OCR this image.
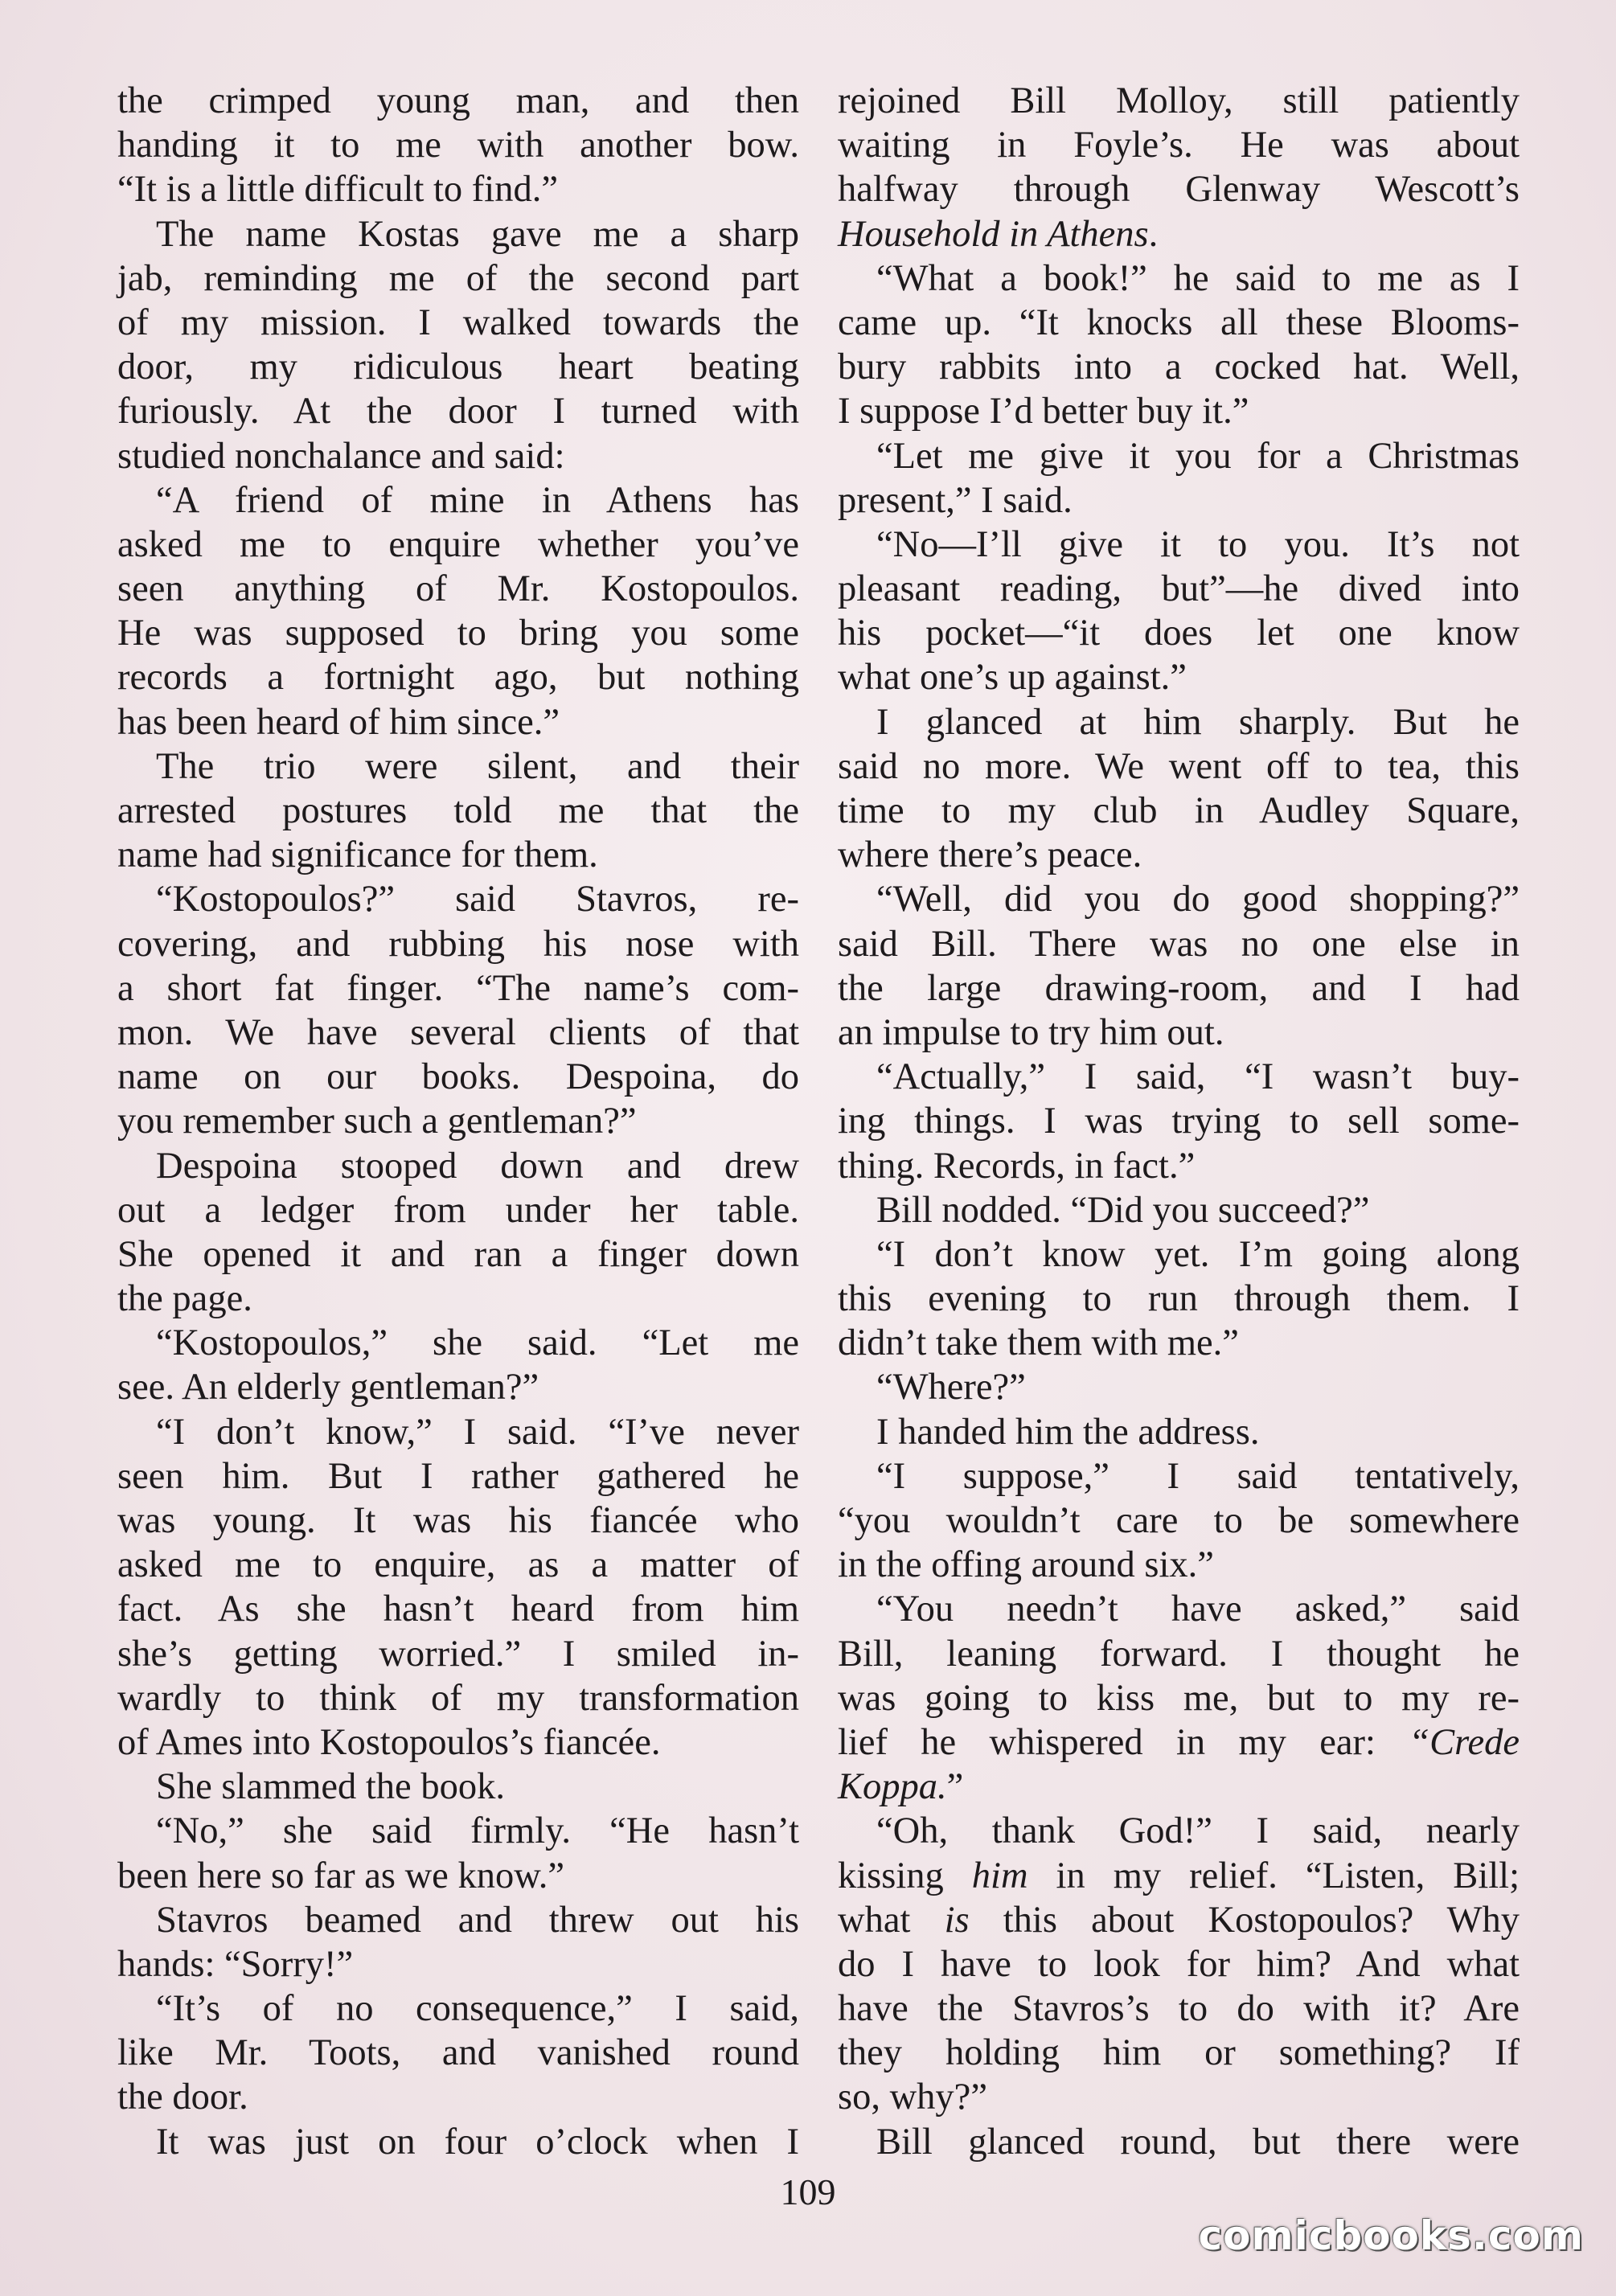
the crimped young man, and then
handing it to me with another bow.
“It is a little difficult to find.”
The name Kostas gave me a sharp
jab, reminding me of the second part
of my mission. I walked towards the
door, my ridiculous heart beating
furiously. At the door I turned with
studied nonchalance and said:
“A friend of mine in Athens has
asked me to enquire whether you’ve
seen anything of Mr. Kostopoulos.
He was supposed to bring you some
records a fortnight ago, but nothing
has been heard of him since.”
The trio were silent, and their
arrested postures told me that the
name had significance for them.
“Kostopoulos?” said Stavros, re-
covering, and rubbing his nose with
a short fat finger. “The name’s com-
mon. We have several clients of that
name on our books. Despoina, do
you remember such a gentleman?”
Despoina stooped down and drew
out a ledger from under her table.
She opened it and ran a finger down
the page.
“Kostopoulos,” she said. “Let me
see. An elderly gentleman?”
“I don’t know,” I said. “I’ve never
seen him. But I rather gathered he
was young. It was his fiancée who
asked me to enquire, as a matter of
fact. As she hasn’t heard from him
she’s getting worried.” I smiled in-
wardly to think of my transformation
of Ames into Kostopoulos’s fiancée.
She slammed the book.
“No,” she said firmly. “He hasn’t
been here so far as we know.”
Stavros beamed and threw out his
hands: “Sorry!”
“It’s of no consequence,” I said,
like Mr. Toots, and vanished round
the door.
It was just on four o’clock when I
rejoined Bill Molloy, still patiently
waiting in Foyle’s. He was about
halfway through Glenway Wescott’s
Household in Athens.
“What a book!” he said to me as I
came up. “It knocks all these Blooms-
bury rabbits into a cocked hat. Well,
I suppose I’d better buy it.”
“Let me give it you for a Christmas
present,” I said.
“No—I’ll give it to you. It’s not
pleasant reading, but”—he dived into
his pocket—“it does let one know
what one’s up against.”
I glanced at him sharply. But he
said no more. We went off to tea, this
time to my club in Audley Square,
where there’s peace.
“Well, did you do good shopping?”
said Bill. There was no one else in
the large drawing-room, and I had
an impulse to try him out.
“Actually,” I said, “I wasn’t buy-
ing things. I was trying to sell some-
thing. Records, in fact.”
Bill nodded. “Did you succeed?”
“I don’t know yet. I’m going along
this evening to run through them. I
didn’t take them with me.”
“Where?”
I handed him the address.
“I suppose,” I said tentatively,
“you wouldn’t care to be somewhere
in the offing around six.”
“You needn’t have asked,” said
Bill, leaning forward. I thought he
was going to kiss me, but to my re-
lief he whispered in my ear: “Crede
Koppa.”
“Oh, thank God!” I said, nearly
kissing him in my relief. “Listen, Bill;
what is this about Kostopoulos? Why
do I have to look for him? And what
have the Stavros’s to do with it? Are
they holding him or something? If
so, why?”
Bill glanced round, but there were
109
comicbooks.com
